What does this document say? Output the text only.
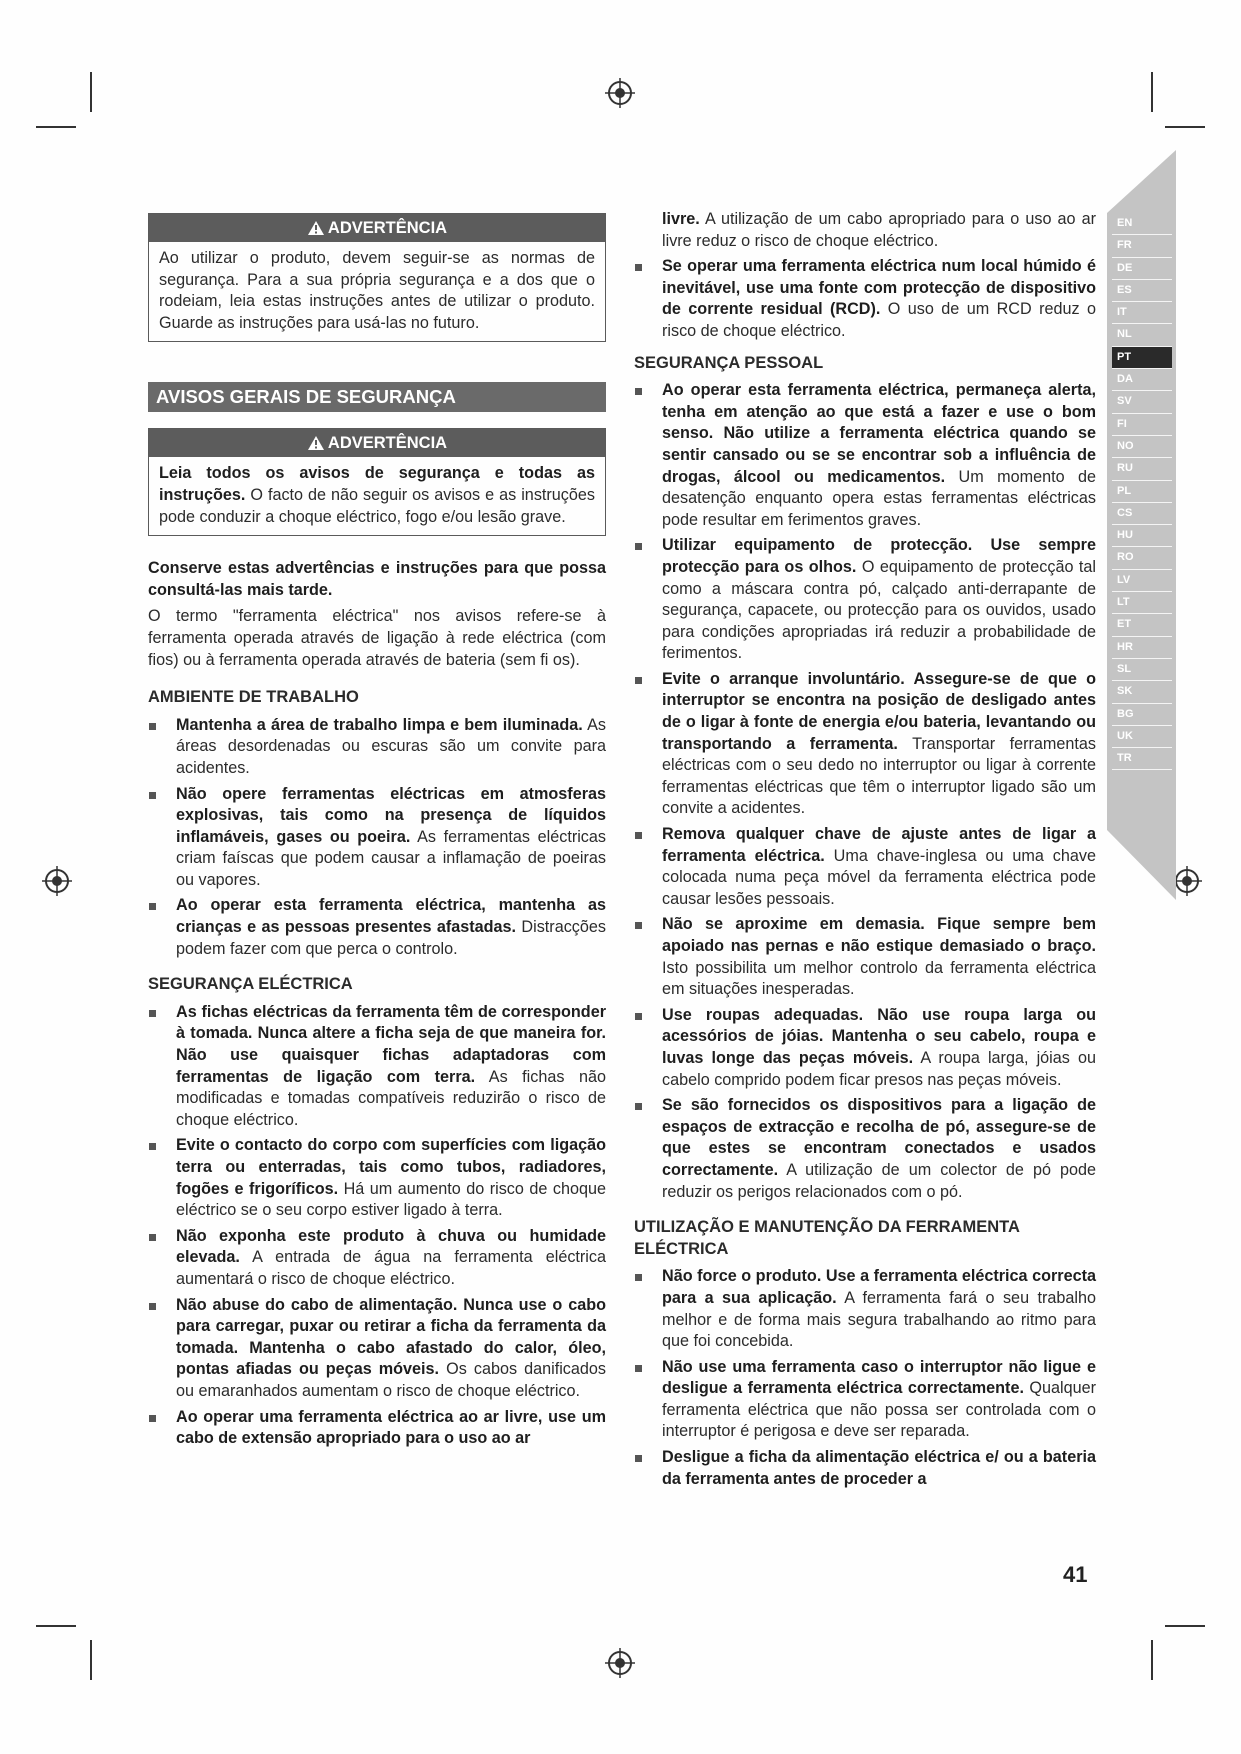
EN
FR
DE
ES
IT
NL
PT
DA
SV
FI
NO
RU
PL
CS
HU
RO
LV
LT
ET
HR
SL
SK
BG
UK
TR
ADVERTÊNCIA
Ao utilizar o produto, devem seguir-se as normas de segurança. Para a sua própria segurança e a dos que o rodeiam, leia estas instruções antes de utilizar o produto. Guarde as instruções para usá-las no futuro.
AVISOS GERAIS DE SEGURANÇA
ADVERTÊNCIA
Leia todos os avisos de segurança e todas as instruções. O facto de não seguir os avisos e as instruções pode conduzir a choque eléctrico, fogo e/ou lesão grave.

Conserve estas advertências e instruções para que possa consultá-las mais tarde.

O termo "ferramenta eléctrica" nos avisos refere-se à ferramenta operada através de ligação à rede eléctrica (com fios) ou à ferramenta operada através de bateria (sem fi os).

AMBIENTE DE TRABALHO
Mantenha a área de trabalho limpa e bem iluminada. As áreas desordenadas ou escuras são um convite para acidentes.
Não opere ferramentas eléctricas em atmosferas explosivas, tais como na presença de líquidos inflamáveis, gases ou poeira. As ferramentas eléctricas criam faíscas que podem causar a inflamação de poeiras ou vapores.
Ao operar esta ferramenta eléctrica, mantenha as crianças e as pessoas presentes afastadas. Distracções podem fazer com que perca o controlo.
SEGURANÇA ELÉCTRICA
As fichas eléctricas da ferramenta têm de corresponder à tomada. Nunca altere a ficha seja de que maneira for. Não use quaisquer fichas adaptadoras com ferramentas de ligação com terra. As fichas não modificadas e tomadas compatíveis reduzirão o risco de choque eléctrico.
Evite o contacto do corpo com superfícies com ligação terra ou enterradas, tais como tubos, radiadores, fogões e frigoríficos. Há um aumento do risco de choque eléctrico se o seu corpo estiver ligado à terra.
Não exponha este produto à chuva ou humidade elevada. A entrada de água na ferramenta eléctrica aumentará o risco de choque eléctrico.
Não abuse do cabo de alimentação. Nunca use o cabo para carregar, puxar ou retirar a ficha da ferramenta da tomada. Mantenha o cabo afastado do calor, óleo, pontas afiadas ou peças móveis. Os cabos danificados ou emaranhados aumentam o risco de choque eléctrico.
Ao operar uma ferramenta eléctrica ao ar livre, use um cabo de extensão apropriado para o uso ao ar

livre. A utilização de um cabo apropriado para o uso ao ar livre reduz o risco de choque eléctrico.

Se operar uma ferramenta eléctrica num local húmido é inevitável, use uma fonte com protecção de dispositivo de corrente residual (RCD). O uso de um RCD reduz o risco de choque eléctrico.
SEGURANÇA PESSOAL
Ao operar esta ferramenta eléctrica, permaneça alerta, tenha em atenção ao que está a fazer e use o bom senso. Não utilize a ferramenta eléctrica quando se sentir cansado ou se se encontrar sob a influência de drogas, álcool ou medicamentos. Um momento de desatenção enquanto opera estas ferramentas eléctricas pode resultar em ferimentos graves.
Utilizar equipamento de protecção. Use sempre protecção para os olhos. O equipamento de protecção tal como a máscara contra pó, calçado anti-derrapante de segurança, capacete, ou protecção para os ouvidos, usado para condições apropriadas irá reduzir a probabilidade de ferimentos.
Evite o arranque involuntário. Assegure-se de que o interruptor se encontra na posição de desligado antes de o ligar à fonte de energia e/ou bateria, levantando ou transportando a ferramenta. Transportar ferramentas eléctricas com o seu dedo no interruptor ou ligar à corrente ferramentas eléctricas que têm o interruptor ligado são um convite a acidentes.
Remova qualquer chave de ajuste antes de ligar a ferramenta eléctrica. Uma chave-inglesa ou uma chave colocada numa peça móvel da ferramenta eléctrica pode causar lesões pessoais.
Não se aproxime em demasia. Fique sempre bem apoiado nas pernas e não estique demasiado o braço. Isto possibilita um melhor controlo da ferramenta eléctrica em situações inesperadas.
Use roupas adequadas. Não use roupa larga ou acessórios de jóias. Mantenha o seu cabelo, roupa e luvas longe das peças móveis. A roupa larga, jóias ou cabelo comprido podem ficar presos nas peças móveis.
Se são fornecidos os dispositivos para a ligação de espaços de extracção e recolha de pó, assegure-se de que estes se encontram conectados e usados correctamente. A utilização de um colector de pó pode reduzir os perigos relacionados com o pó.
UTILIZAÇÃO E MANUTENÇÃO DA FERRAMENTA ELÉCTRICA
Não force o produto. Use a ferramenta eléctrica correcta para a sua aplicação. A ferramenta fará o seu trabalho melhor e de forma mais segura trabalhando ao ritmo para que foi concebida.
Não use uma ferramenta caso o interruptor não ligue e desligue a ferramenta eléctrica correctamente. Qualquer ferramenta eléctrica que não possa ser controlada com o interruptor é perigosa e deve ser reparada.
Desligue a ficha da alimentação eléctrica e/ ou a bateria da ferramenta antes de proceder a
41
